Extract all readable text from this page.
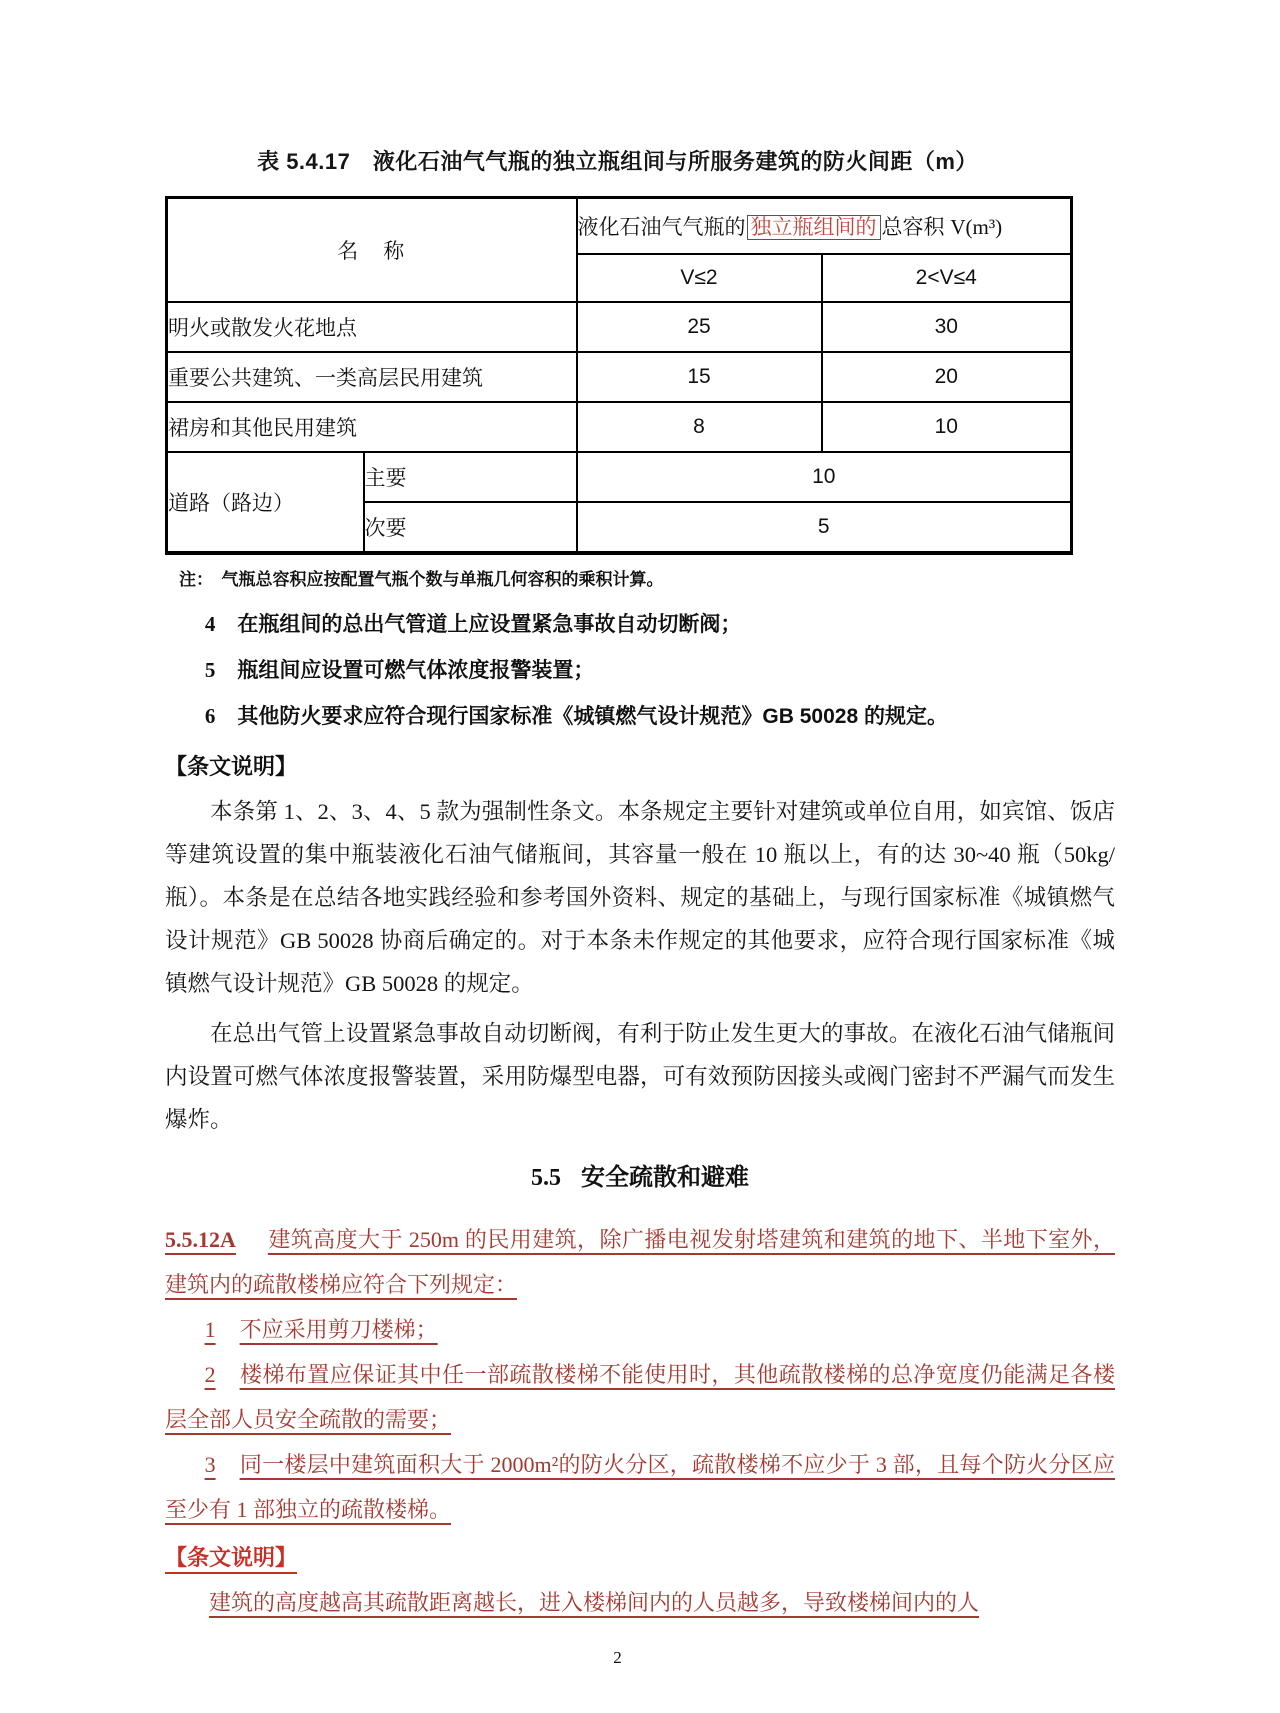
表 5.4.17　液化石油气气瓶的独立瓶组间与所服务建筑的防火间距（m）
名　称		液化石油气气瓶的 独立瓶组间的 总容积 V(m³)	
		V≤2	2<V≤4
明火或散发火花地点		25	30
重要公共建筑、一类高层民用建筑		15	20
裙房和其他民用建筑		8	10
道路（路边）	主要	10	
	次要	5	
注：　气瓶总容积应按配置气瓶个数与单瓶几何容积的乘积计算。

4 在瓶组间的总出气管道上应设置紧急事故自动切断阀；

5 瓶组间应设置可燃气体浓度报警装置；

6 其他防火要求应符合现行国家标准《城镇燃气设计规范》GB 50028 的规定。

【条文说明】

本条第 1、2、3、4、5 款为强制性条文。本条规定主要针对建筑或单位自用，如宾馆、饭店等建筑设置的集中瓶装液化石油气储瓶间，其容量一般在 10 瓶以上，有的达 30~40 瓶（50kg/瓶）。本条是在总结各地实践经验和参考国外资料、规定的基础上，与现行国家标准《城镇燃气设计规范》GB 50028 协商后确定的。对于本条未作规定的其他要求，应符合现行国家标准《城镇燃气设计规范》GB 50028 的规定。

在总出气管上设置紧急事故自动切断阀，有利于防止发生更大的事故。在液化石油气储瓶间内设置可燃气体浓度报警装置，采用防爆型电器，可有效预防因接头或阀门密封不严漏气而发生爆炸。

5.5 安全疏散和避难

5.5.12A 建筑高度大于 250m 的民用建筑，除广播电视发射塔建筑和建筑的地下、半地下室外，建筑内的疏散楼梯应符合下列规定：

1 不应采用剪刀楼梯；

2 楼梯布置应保证其中任一部疏散楼梯不能使用时，其他疏散楼梯的总净宽度仍能满足各楼层全部人员安全疏散的需要；

3 同一楼层中建筑面积大于 2000m²的防火分区，疏散楼梯不应少于 3 部，且每个防火分区应至少有 1 部独立的疏散楼梯。

【条文说明】

建筑的高度越高其疏散距离越长，进入楼梯间内的人员越多，导致楼梯间内的人

2
